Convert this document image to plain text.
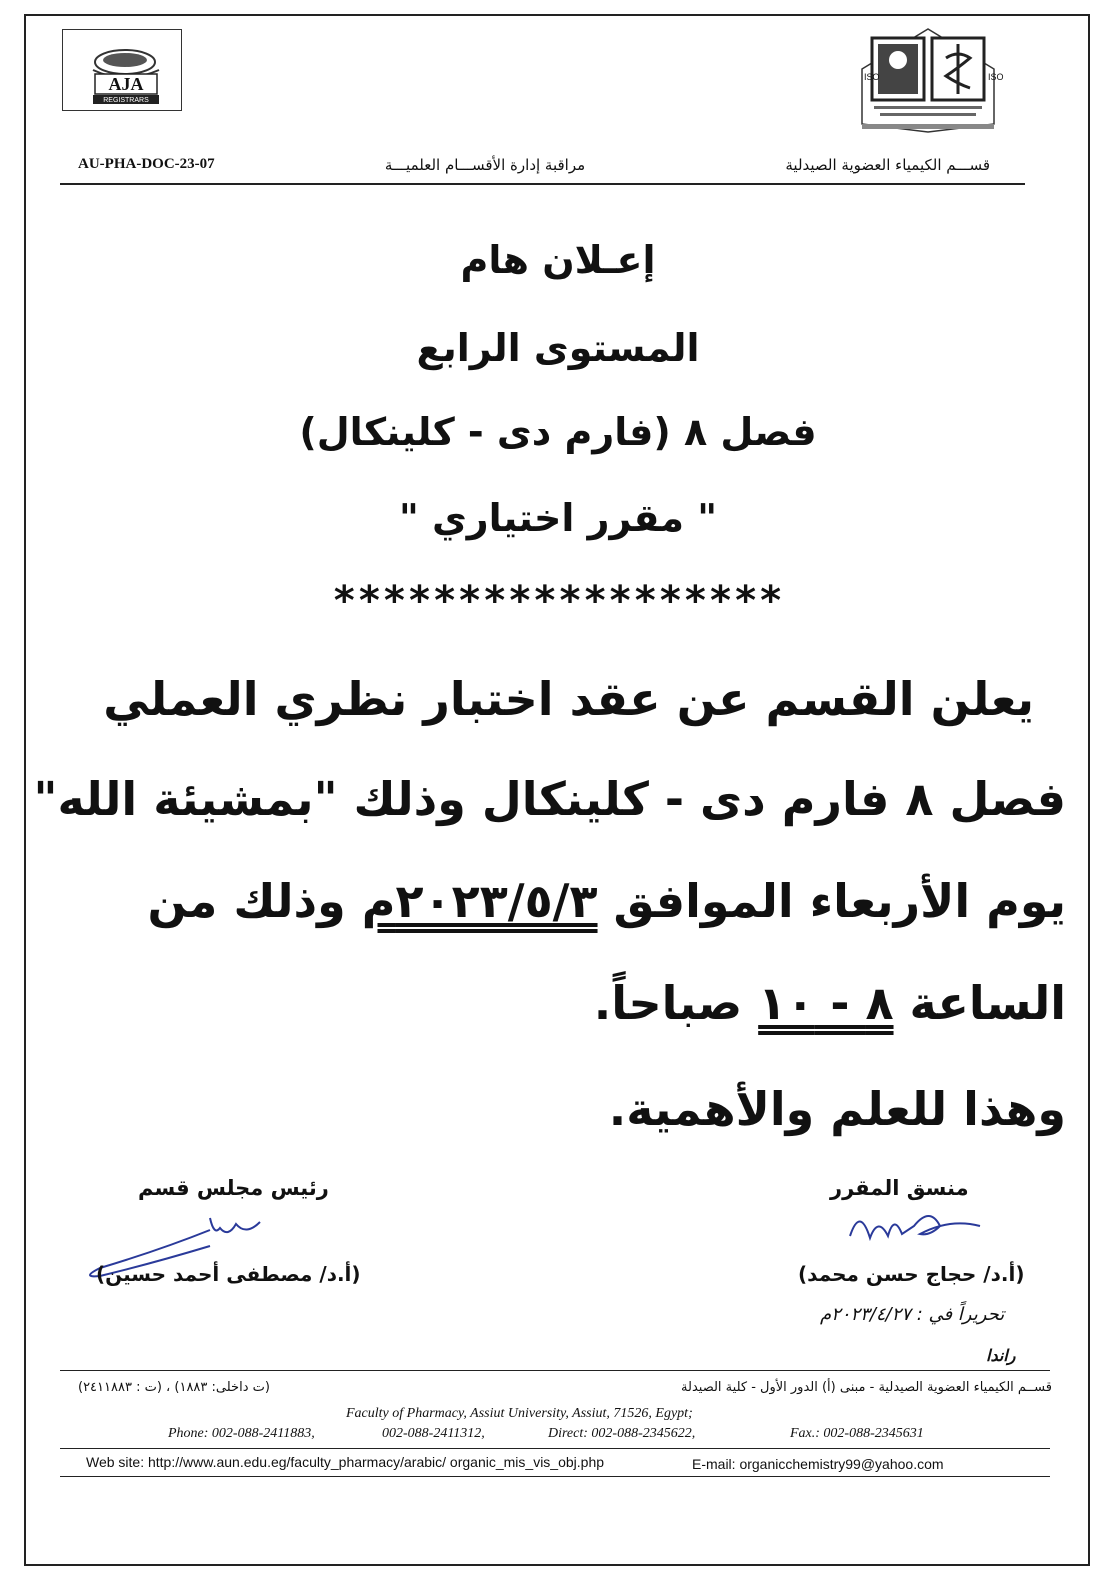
AJA
REGISTRARS
ISO	ISO
AU-PHA-DOC-23-07	مراقبة إدارة الأقســـام العلميـــة	قســـم الكيمياء العضوية الصيدلية
إعـلان هام
المستوى الرابع
فصل ٨ (فارم دى - كلينكال)
" مقرر اختياري "
******************
يعلن القسم عن عقد اختبار نظري العملي
فصل ٨ فارم دى - كلينكال وذلك "بمشيئة الله"
يوم الأربعاء الموافق ٢٠٢٣/٥/٣م وذلك من
الساعة ٨ - ١٠ صباحاً.
وهذا للعلم والأهمية.
منسق المقرر
(أ.د/ حجاج حسن محمد)
رئيس مجلس قسم
(أ.د/ مصطفى أحمد حسين)
تحريراً في : ٢٠٢٣/٤/٢٧م
راندا
قســم الكيمياء العضوية الصيدلية - مبنى (أ) الدور الأول - كلية الصيدلة
(ت داخلى: ١٨٨٣) ، (ت : ٢٤١١٨٨٣)
Faculty of Pharmacy, Assiut University, Assiut, 71526, Egypt;
Phone: 002-088-2411883,	002-088-2411312,	Direct: 002-088-2345622,	Fax.: 002-088-2345631
Web site: http://www.aun.edu.eg/faculty_pharmacy/arabic/ organic_mis_vis_obj.php	E-mail: organicchemistry99@yahoo.com
